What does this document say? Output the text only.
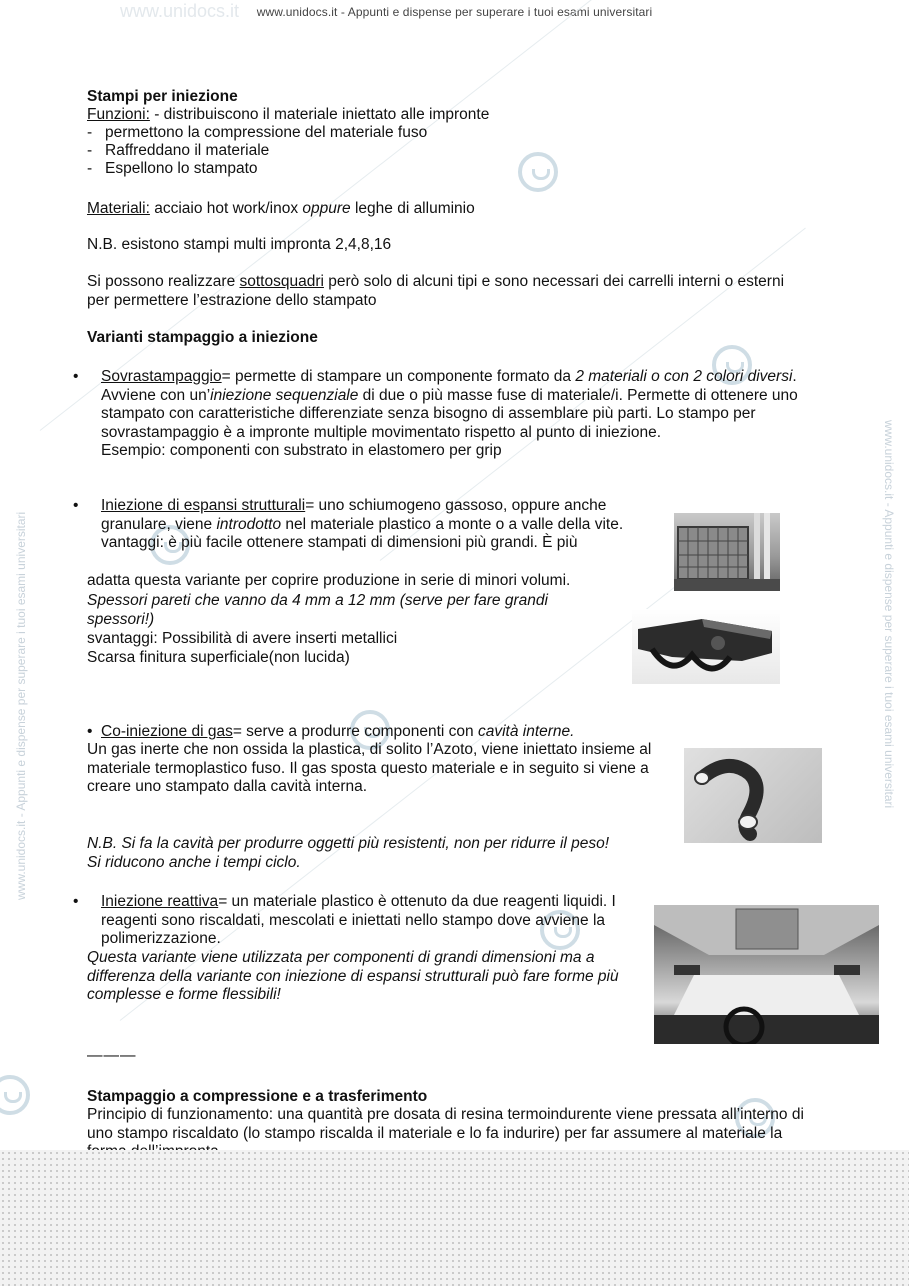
www.unidocs.it	www.unidocs.it - Appunti e dispense per superare i tuoi esami universitari
www.unidocs.it - Appunti e dispense per superare i tuoi esami universitari	www.unidocs.it - Appunti e dispense per superare i tuoi esami universitari

Stampi per iniezione

Funzioni: - distribuiscono il materiale iniettato alle impronte

- permettono la compressione del materiale fuso

- Raffreddano il materiale

- Espellono lo stampato

Materiali: acciaio hot work/inox oppure leghe di alluminio

N.B. esistono stampi multi impronta 2,4,8,16

Si possono realizzare sottosquadri però solo di alcuni tipi e sono necessari dei carrelli interni o esterni per permettere l’estrazione dello stampato

Varianti stampaggio a iniezione

• Sovrastampaggio= permette di stampare un componente formato da 2 materiali o con 2 colori diversi. Avviene con un’iniezione sequenziale di due o più masse fuse di materiale/i. Permette di ottenere uno stampato con caratteristiche differenziate senza bisogno di assemblare più parti. Lo stampo per sovrastampaggio è a impronte multiple movimentato rispetto al punto di iniezione.

Esempio: componenti con substrato in elastomero per grip

• Iniezione di espansi strutturali= uno schiumogeno gassoso, oppure anche granulare, viene introdotto nel materiale plastico a monte o a valle della vite.

vantaggi: è più facile ottenere stampati di dimensioni più grandi. È più

adatta questa variante per coprire produzione in serie di minori volumi.

Spessori pareti che vanno da 4 mm a 12 mm (serve per fare grandi spessori!)

svantaggi: Possibilità di avere inserti metallici

Scarsa finitura superficiale(non lucida)

• Co-iniezione di gas= serve a produrre componenti con cavità interne.

Un gas inerte che non ossida la plastica, di solito l’Azoto, viene iniettato insieme al materiale termoplastico fuso. Il gas sposta questo materiale e in seguito si viene a creare uno stampato dalla cavità interna.

N.B. Si fa la cavità per produrre oggetti più resistenti, non per ridurre il peso!

Si riducono anche i tempi ciclo.

• Iniezione reattiva= un materiale plastico è ottenuto da due reagenti liquidi. I reagenti sono riscaldati, mescolati e iniettati nello stampo dove avviene la polimerizzazione.

Questa variante viene utilizzata per componenti di grandi dimensioni ma a differenza della variante con iniezione di espansi strutturali può fare forme più complesse e forme flessibili!

———

Stampaggio a compressione e a trasferimento

Principio di funzionamento: una quantità pre dosata di resina termoindurente viene pressata all’interno di uno stampo riscaldato (lo stampo riscalda il materiale e lo fa indurire) per far assumere al materiale la
